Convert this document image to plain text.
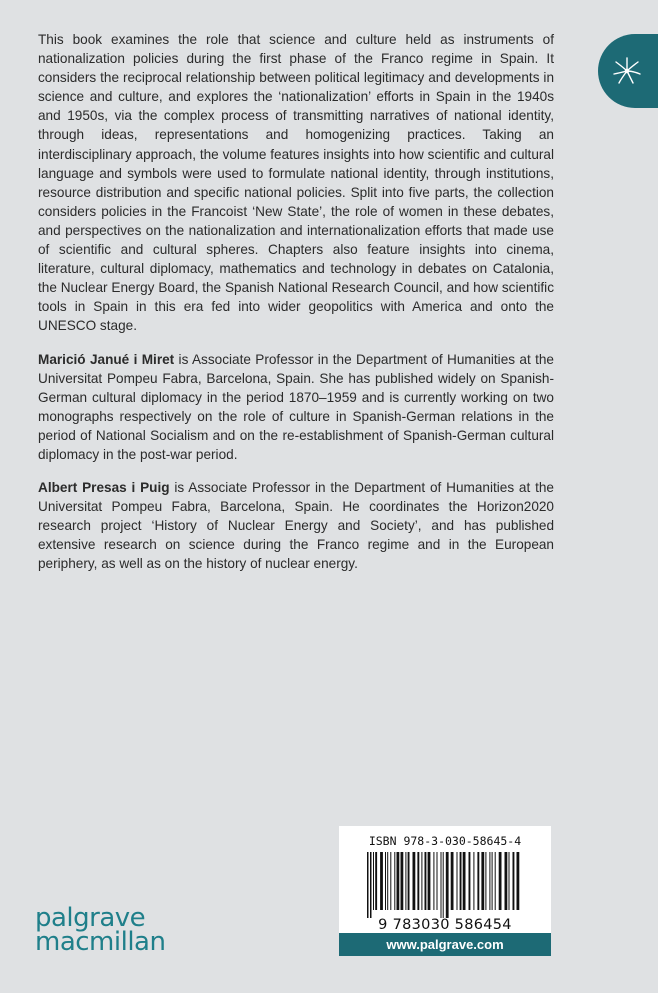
This book examines the role that science and culture held as instruments of nationalization policies during the first phase of the Franco regime in Spain. It considers the reciprocal relationship between political legitimacy and developments in science and culture, and explores the ‘nationalization’ efforts in Spain in the 1940s and 1950s, via the complex process of transmitting narratives of national identity, through ideas, representations and homogenizing practices. Taking an interdisciplinary approach, the volume features insights into how scientific and cultural language and symbols were used to formulate national identity, through institutions, resource distribution and specific national policies. Split into five parts, the collection considers policies in the Francoist ‘New State’, the role of women in these debates, and perspectives on the nationalization and internationalization efforts that made use of scientific and cultural spheres. Chapters also feature insights into cinema, literature, cultural diplomacy, mathematics and technology in debates on Catalonia, the Nuclear Energy Board, the Spanish National Research Council, and how scientific tools in Spain in this era fed into wider geopolitics with America and onto the UNESCO stage.

Marició Janué i Miret is Associate Professor in the Department of Humanities at the Universitat Pompeu Fabra, Barcelona, Spain. She has published widely on Spanish-German cultural diplomacy in the period 1870–1959 and is currently working on two monographs respectively on the role of culture in Spanish-German relations in the period of National Socialism and on the re-establishment of Spanish-German cultural diplomacy in the post-war period.

Albert Presas i Puig is Associate Professor in the Department of Humanities at the Universitat Pompeu Fabra, Barcelona, Spain. He coordinates the Horizon2020 research project ‘History of Nuclear Energy and Society’, and has published extensive research on science during the Franco regime and in the European periphery, as well as on the history of nuclear energy.

palgrave
macmillan
ISBN 978-3-030-58645-4
9 783030 586454
www.palgrave.com
